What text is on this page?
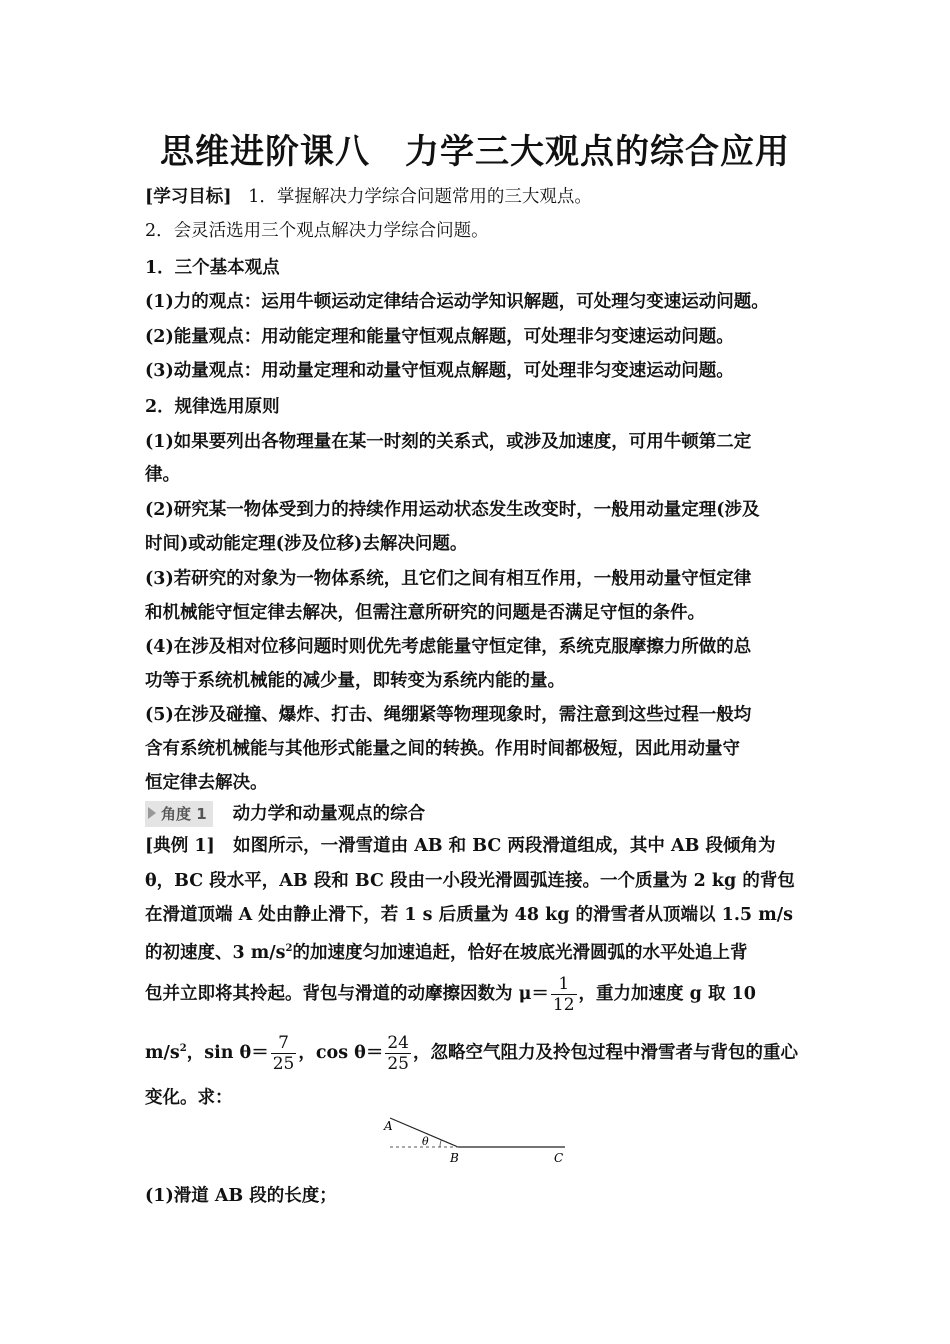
思维进阶课八　力学三大观点的综合应用
[学习目标] 1．掌握解决力学综合问题常用的三大观点。
2．会灵活选用三个观点解决力学综合问题。
1．三个基本观点
(1)力的观点：运用牛顿运动定律结合运动学知识解题，可处理匀变速运动问题。
(2)能量观点：用动能定理和能量守恒观点解题，可处理非匀变速运动问题。
(3)动量观点：用动量定理和动量守恒观点解题，可处理非匀变速运动问题。
2．规律选用原则
(1)如果要列出各物理量在某一时刻的关系式，或涉及加速度，可用牛顿第二定
律。
(2)研究某一物体受到力的持续作用运动状态发生改变时，一般用动量定理(涉及
时间)或动能定理(涉及位移)去解决问题。
(3)若研究的对象为一物体系统，且它们之间有相互作用，一般用动量守恒定律
和机械能守恒定律去解决，但需注意所研究的问题是否满足守恒的条件。
(4)在涉及相对位移问题时则优先考虑能量守恒定律，系统克服摩擦力所做的总
功等于系统机械能的减少量，即转变为系统内能的量。
(5)在涉及碰撞、爆炸、打击、绳绷紧等物理现象时，需注意到这些过程一般均
含有系统机械能与其他形式能量之间的转换。作用时间都极短，因此用动量守
恒定律去解决。
角度 1 动力学和动量观点的综合
[典例 1] 如图所示，一滑雪道由 AB 和 BC 两段滑道组成，其中 AB 段倾角为
θ，BC 段水平，AB 段和 BC 段由一小段光滑圆弧连接。一个质量为 2 kg 的背包
在滑道顶端 A 处由静止滑下，若 1 s 后质量为 48 kg 的滑雪者从顶端以 1.5 m/s
的初速度、3 $m/s^2$的加速度匀加速追赶，恰好在坡底光滑圆弧的水平处追上背
包并立即将其拎起。背包与滑道的动摩擦因数为 $\mu= \frac{1}{12}$ ，重力加速度 g 取 10
$m/s^2$，$\sin \theta= \frac{7}{25}$ ，$\cos \theta= \frac{24}{25}$ ，忽略空气阻力及拎包过程中滑雪者与背包的重心
变化。求：
A
θ
B	C
(1)滑道 AB 段的长度；
